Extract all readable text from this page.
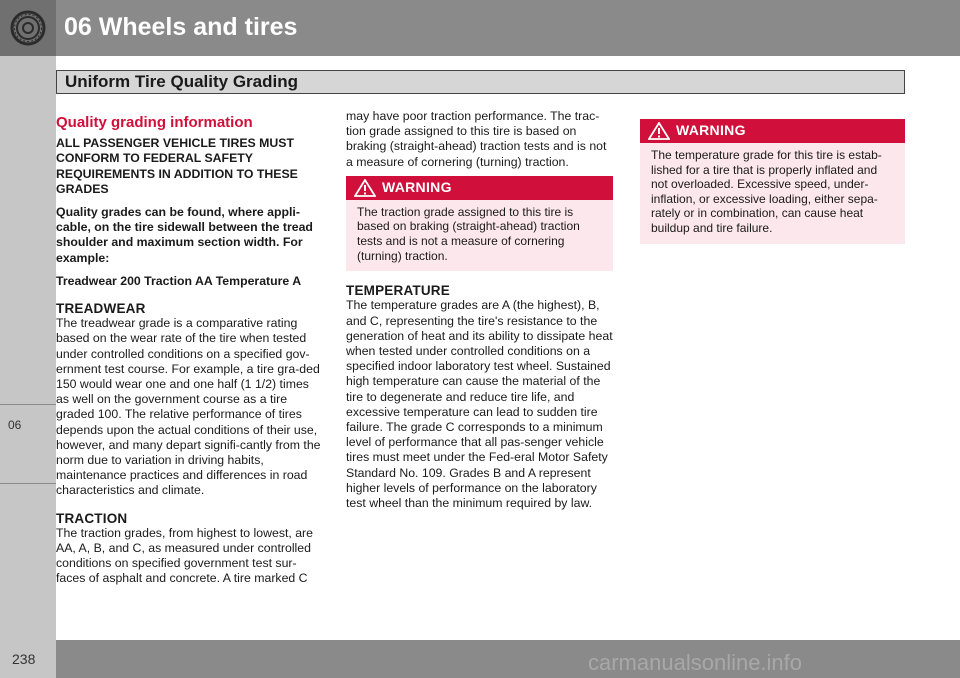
06
06 Wheels and tires
Uniform Tire Quality Grading
Quality grading information
ALL PASSENGER VEHICLE TIRES MUST CONFORM TO FEDERAL SAFETY REQUIREMENTS IN ADDITION TO THESE GRADES
Quality grades can be found, where appli-cable, on the tire sidewall between the tread shoulder and maximum section width. For example:
Treadwear 200 Traction AA Temperature A
TREADWEAR

The treadwear grade is a comparative rating based on the wear rate of the tire when tested under controlled conditions on a specified gov-ernment test course. For example, a tire gra-ded 150 would wear one and one half (1 1/2) times as well on the government course as a tire graded 100. The relative performance of tires depends upon the actual conditions of their use, however, and many depart signifi-cantly from the norm due to variation in driving habits, maintenance practices and differences in road characteristics and climate.

TRACTION

The traction grades, from highest to lowest, are AA, A, B, and C, as measured under controlled conditions on specified government test sur-faces of asphalt and concrete. A tire marked C

may have poor traction performance. The trac-tion grade assigned to this tire is based on braking (straight-ahead) traction tests and is not a measure of cornering (turning) traction.

WARNING
The traction grade assigned to this tire is based on braking (straight-ahead) traction tests and is not a measure of cornering (turning) traction.
TEMPERATURE

The temperature grades are A (the highest), B, and C, representing the tire's resistance to the generation of heat and its ability to dissipate heat when tested under controlled conditions on a specified indoor laboratory test wheel. Sustained high temperature can cause the material of the tire to degenerate and reduce tire life, and excessive temperature can lead to sudden tire failure. The grade C corresponds to a minimum level of performance that all pas-senger vehicle tires must meet under the Fed-eral Motor Safety Standard No. 109. Grades B and A represent higher levels of performance on the laboratory test wheel than the minimum required by law.

WARNING
The temperature grade for this tire is estab-lished for a tire that is properly inflated and not overloaded. Excessive speed, under-inflation, or excessive loading, either sepa-rately or in combination, can cause heat buildup and tire failure.
238	carmanualsonline.info
